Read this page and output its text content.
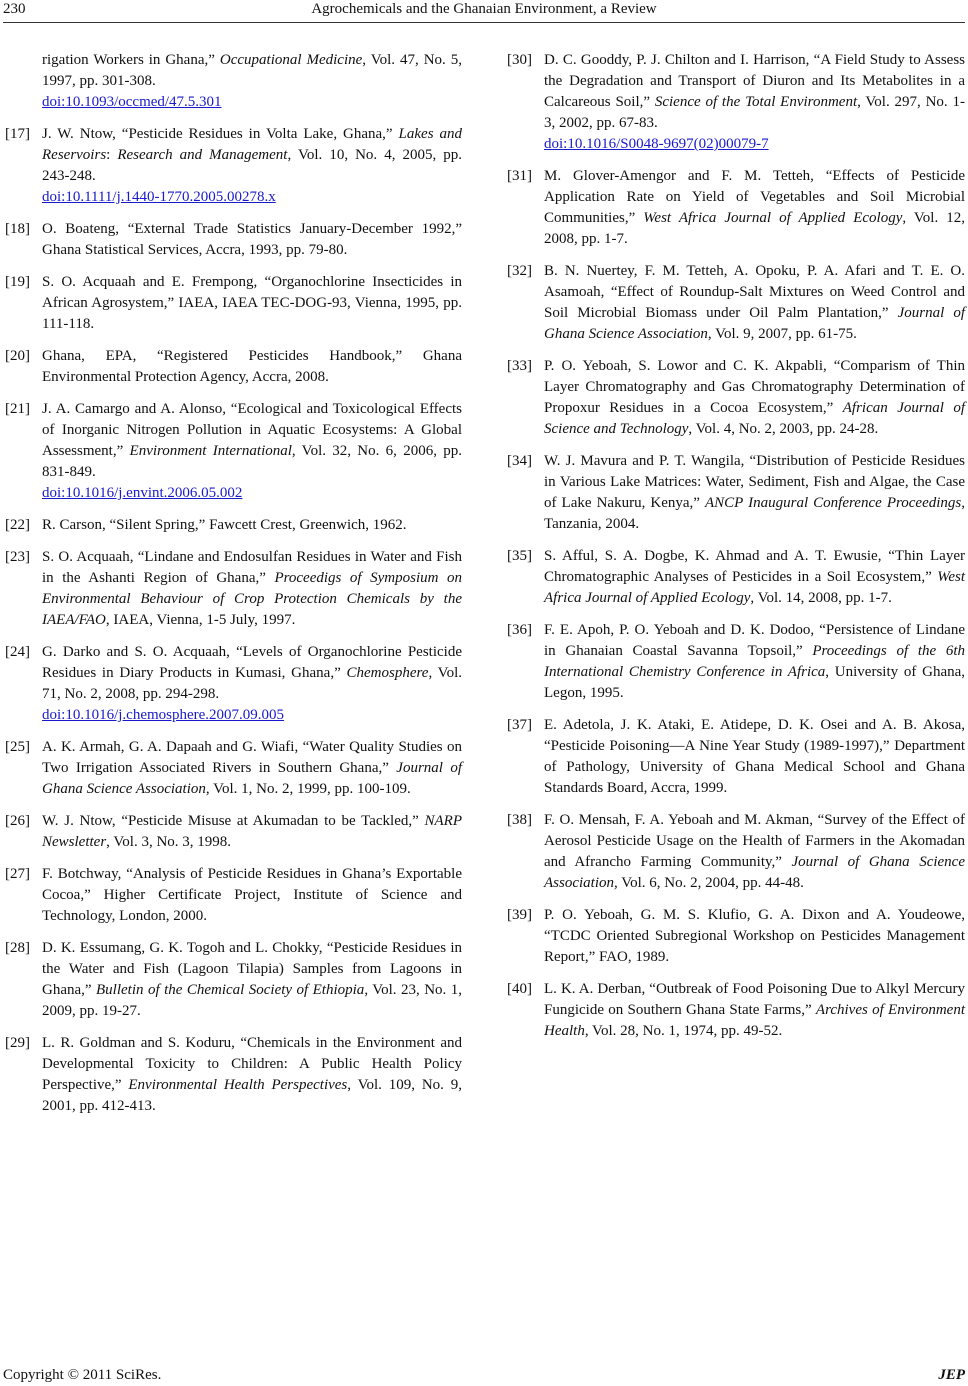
230	Agrochemicals and the Ghanaian Environment, a Review
rigation Workers in Ghana,” Occupational Medicine, Vol. 47, No. 5, 1997, pp. 301-308.
doi:10.1093/occmed/47.5.301
[17] J. W. Ntow, “Pesticide Residues in Volta Lake, Ghana,” Lakes and Reservoirs: Research and Management, Vol. 10, No. 4, 2005, pp. 243-248.
doi:10.1111/j.1440-1770.2005.00278.x
[18] O. Boateng, “External Trade Statistics January-December 1992,” Ghana Statistical Services, Accra, 1993, pp. 79-80.
[19] S. O. Acquaah and E. Frempong, “Organochlorine Insecticides in African Agrosystem,” IAEA, IAEA TEC-DOG-93, Vienna, 1995, pp. 111-118.
[20] Ghana, EPA, “Registered Pesticides Handbook,” Ghana Environmental Protection Agency, Accra, 2008.
[21] J. A. Camargo and A. Alonso, “Ecological and Toxicological Effects of Inorganic Nitrogen Pollution in Aquatic Ecosystems: A Global Assessment,” Environment International, Vol. 32, No. 6, 2006, pp. 831-849.
doi:10.1016/j.envint.2006.05.002
[22] R. Carson, “Silent Spring,” Fawcett Crest, Greenwich, 1962.
[23] S. O. Acquaah, “Lindane and Endosulfan Residues in Water and Fish in the Ashanti Region of Ghana,” Proceedigs of Symposium on Environmental Behaviour of Crop Protection Chemicals by the IAEA/FAO, IAEA, Vienna, 1-5 July, 1997.
[24] G. Darko and S. O. Acquaah, “Levels of Organochlorine Pesticide Residues in Diary Products in Kumasi, Ghana,” Chemosphere, Vol. 71, No. 2, 2008, pp. 294-298.
doi:10.1016/j.chemosphere.2007.09.005
[25] A. K. Armah, G. A. Dapaah and G. Wiafi, “Water Quality Studies on Two Irrigation Associated Rivers in Southern Ghana,” Journal of Ghana Science Association, Vol. 1, No. 2, 1999, pp. 100-109.
[26] W. J. Ntow, “Pesticide Misuse at Akumadan to be Tackled,” NARP Newsletter, Vol. 3, No. 3, 1998.
[27] F. Botchway, “Analysis of Pesticide Residues in Ghana’s Exportable Cocoa,” Higher Certificate Project, Institute of Science and Technology, London, 2000.
[28] D. K. Essumang, G. K. Togoh and L. Chokky, “Pesticide Residues in the Water and Fish (Lagoon Tilapia) Samples from Lagoons in Ghana,” Bulletin of the Chemical Society of Ethiopia, Vol. 23, No. 1, 2009, pp. 19-27.
[29] L. R. Goldman and S. Koduru, “Chemicals in the Environment and Developmental Toxicity to Children: A Public Health Policy Perspective,” Environmental Health Perspectives, Vol. 109, No. 9, 2001, pp. 412-413.
[30] D. C. Gooddy, P. J. Chilton and I. Harrison, “A Field Study to Assess the Degradation and Transport of Diuron and Its Metabolites in a Calcareous Soil,” Science of the Total Environment, Vol. 297, No. 1-3, 2002, pp. 67-83.
doi:10.1016/S0048-9697(02)00079-7
[31] M. Glover-Amengor and F. M. Tetteh, “Effects of Pesticide Application Rate on Yield of Vegetables and Soil Microbial Communities,” West Africa Journal of Applied Ecology, Vol. 12, 2008, pp. 1-7.
[32] B. N. Nuertey, F. M. Tetteh, A. Opoku, P. A. Afari and T. E. O. Asamoah, “Effect of Roundup-Salt Mixtures on Weed Control and Soil Microbial Biomass under Oil Palm Plantation,” Journal of Ghana Science Association, Vol. 9, 2007, pp. 61-75.
[33] P. O. Yeboah, S. Lowor and C. K. Akpabli, “Comparism of Thin Layer Chromatography and Gas Chromatography Determination of Propoxur Residues in a Cocoa Ecosystem,” African Journal of Science and Technology, Vol. 4, No. 2, 2003, pp. 24-28.
[34] W. J. Mavura and P. T. Wangila, “Distribution of Pesticide Residues in Various Lake Matrices: Water, Sediment, Fish and Algae, the Case of Lake Nakuru, Kenya,” ANCP Inaugural Conference Proceedings, Tanzania, 2004.
[35] S. Afful, S. A. Dogbe, K. Ahmad and A. T. Ewusie, “Thin Layer Chromatographic Analyses of Pesticides in a Soil Ecosystem,” West Africa Journal of Applied Ecology, Vol. 14, 2008, pp. 1-7.
[36] F. E. Apoh, P. O. Yeboah and D. K. Dodoo, “Persistence of Lindane in Ghanaian Coastal Savanna Topsoil,” Proceedings of the 6th International Chemistry Conference in Africa, University of Ghana, Legon, 1995.
[37] E. Adetola, J. K. Ataki, E. Atidepe, D. K. Osei and A. B. Akosa, “Pesticide Poisoning—A Nine Year Study (1989-1997),” Department of Pathology, University of Ghana Medical School and Ghana Standards Board, Accra, 1999.
[38] F. O. Mensah, F. A. Yeboah and M. Akman, “Survey of the Effect of Aerosol Pesticide Usage on the Health of Farmers in the Akomadan and Afrancho Farming Community,” Journal of Ghana Science Association, Vol. 6, No. 2, 2004, pp. 44-48.
[39] P. O. Yeboah, G. M. S. Klufio, G. A. Dixon and A. Youdeowe, “TCDC Oriented Subregional Workshop on Pesticides Management Report,” FAO, 1989.
[40] L. K. A. Derban, “Outbreak of Food Poisoning Due to Alkyl Mercury Fungicide on Southern Ghana State Farms,” Archives of Environment Health, Vol. 28, No. 1, 1974, pp. 49-52.
Copyright © 2011 SciRes.	JEP
